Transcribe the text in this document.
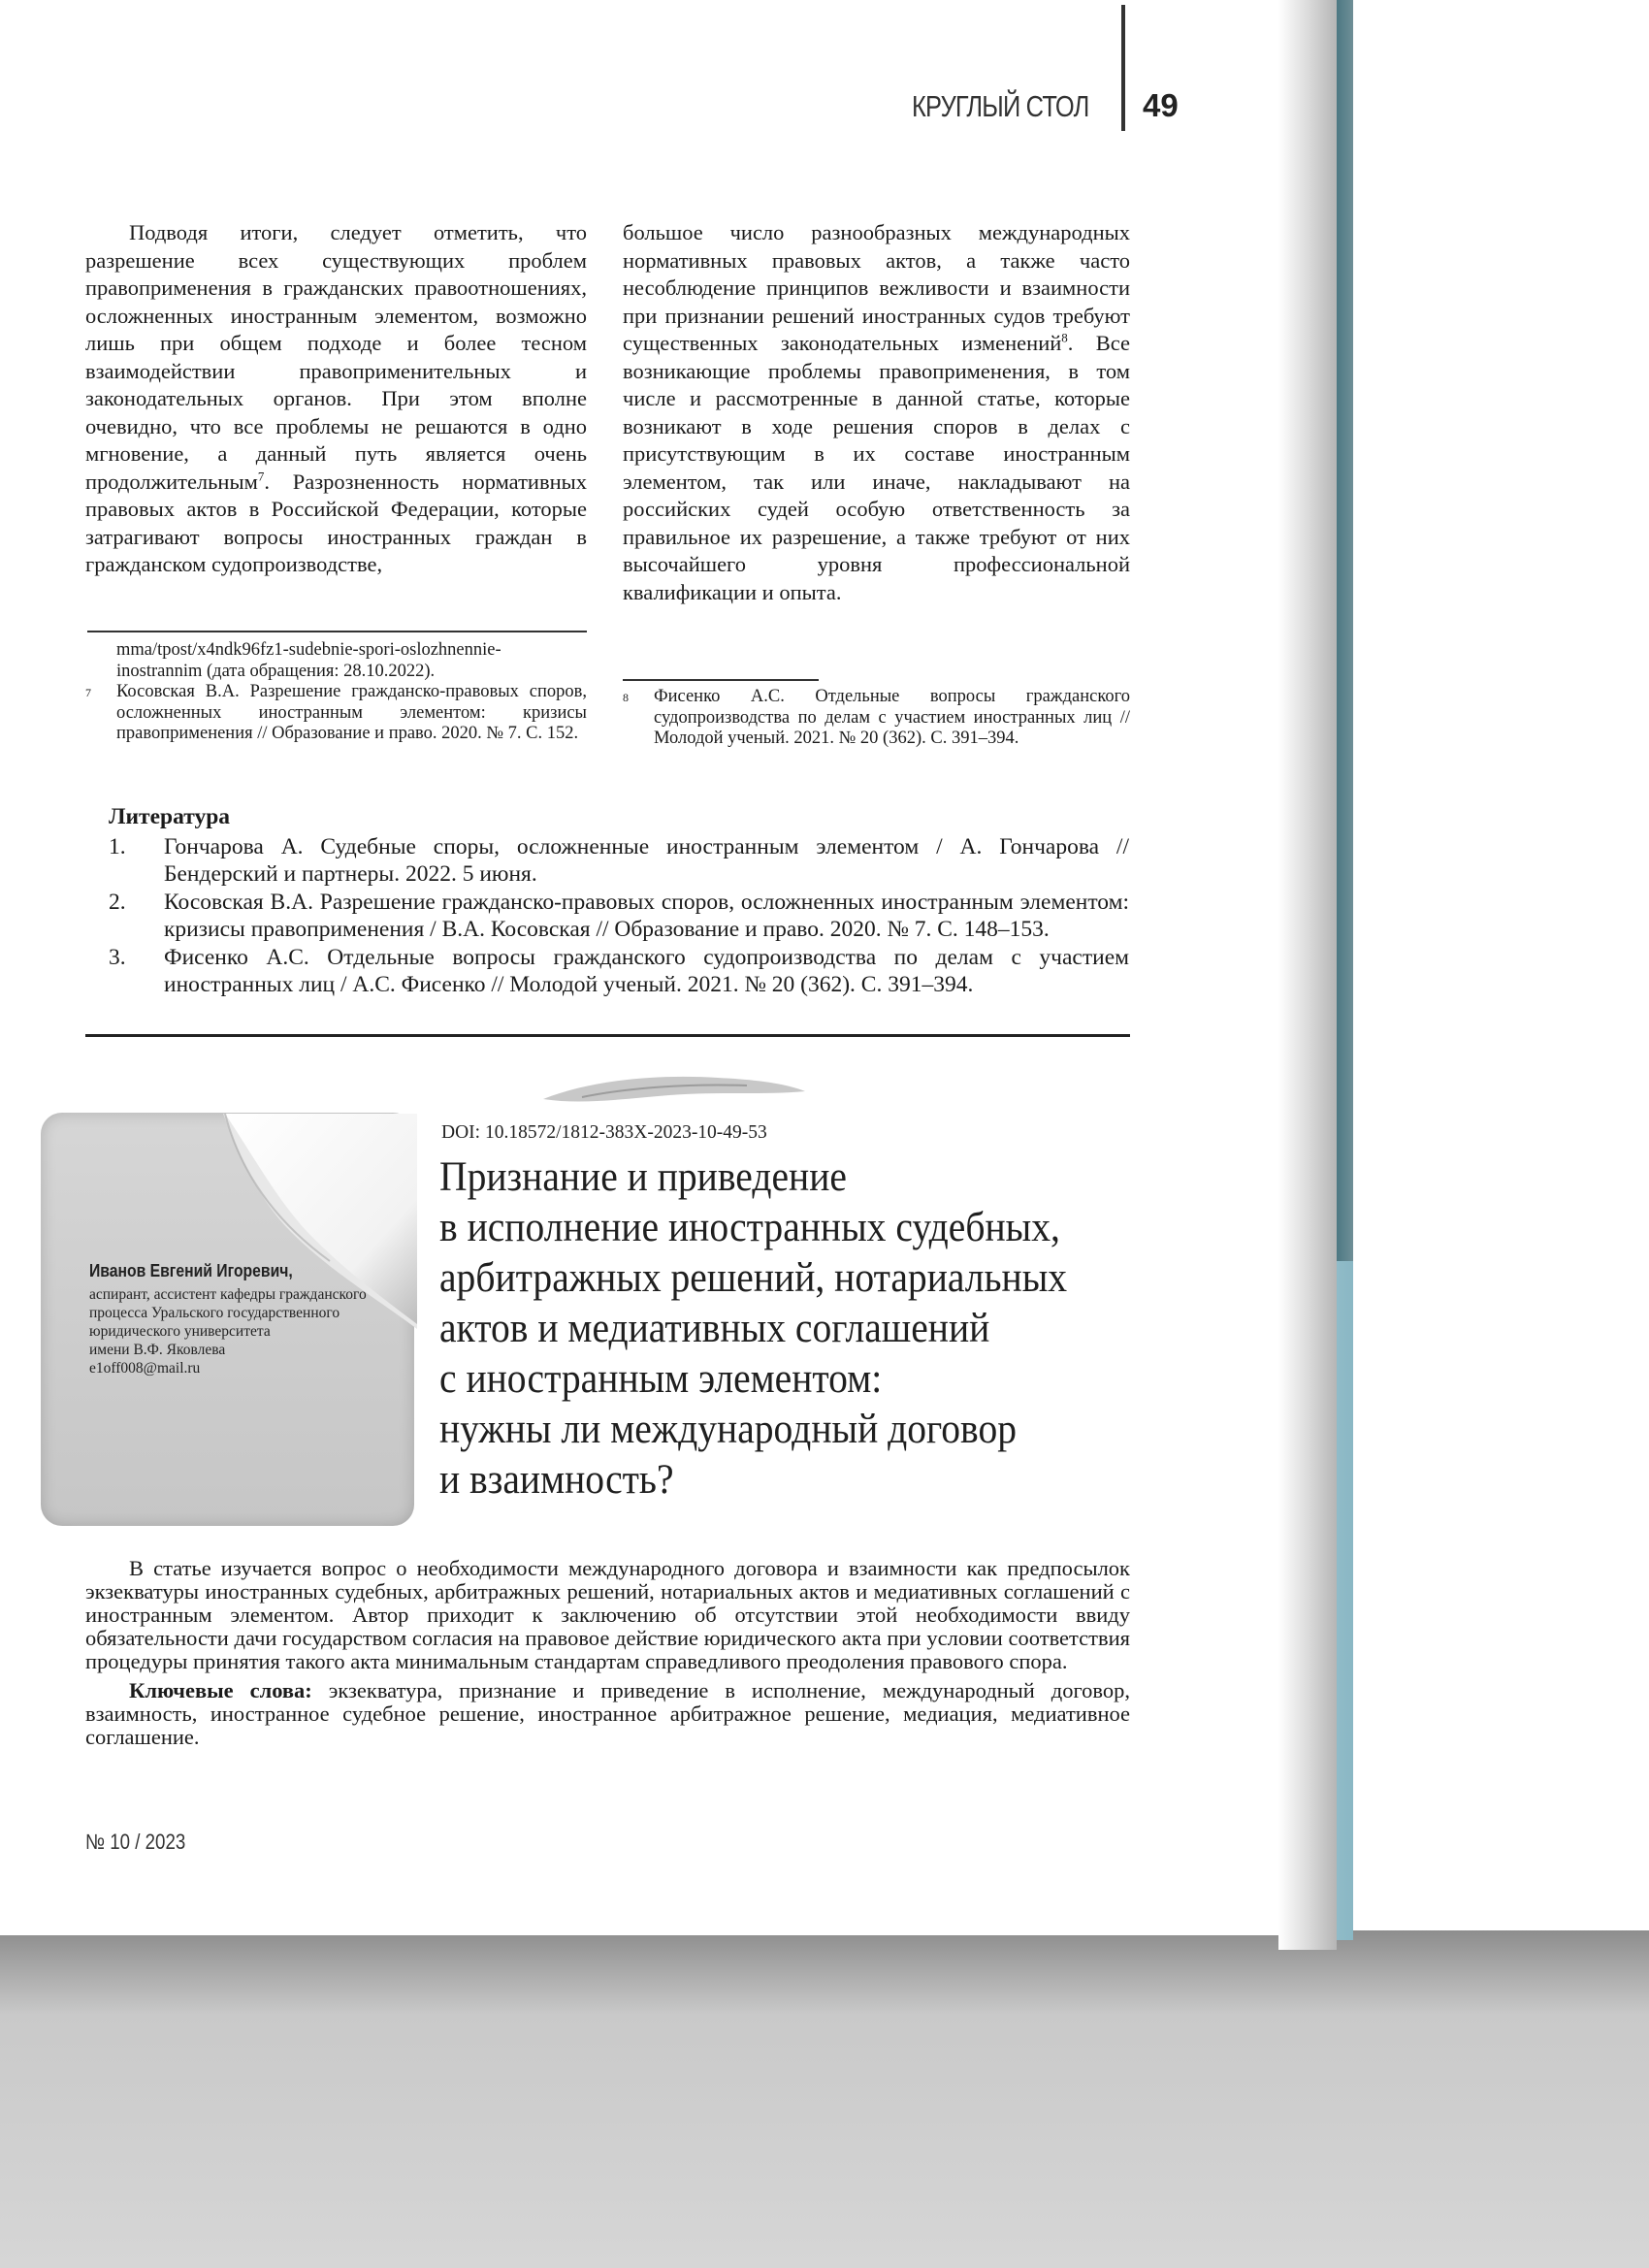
КРУГЛЫЙ СТОЛ 49

Подводя итоги, следует отметить, что разрешение всех существующих проблем правоприменения в гражданских правоотношениях, осложненных иностранным элементом, возможно лишь при общем подходе и более тесном взаимодействии правоприменительных и законодательных органов. При этом вполне очевидно, что все проблемы не решаются в одно мгновение, а данный путь является очень продолжительным$^7$. Разрозненность нормативных правовых актов в Российской Федерации, которые затрагивают вопросы иностранных граждан в гражданском судопроизводстве,

большое число разнообразных международных нормативных правовых актов, а также часто несоблюдение принципов вежливости и взаимности при признании решений иностранных судов требуют существенных законодательных изменений$^8$. Все возникающие проблемы правоприменения, в том числе и рассмотренные в данной статье, которые возникают в ходе решения споров в делах с присутствующим в их составе иностранным элементом, так или иначе, накладывают на российских судей особую ответственность за правильное их разрешение, а также требуют от них высочайшего уровня профессиональной квалификации и опыта.

mma/tpost/x4ndk96fz1-sudebnie-spori-oslozhnennie-inostrannim (дата обращения: 28.10.2022).
7	Косовская В.А. Разрешение гражданско-правовых споров, осложненных иностранным элементом: кризисы правоприменения // Образование и право. 2020. № 7. С. 152.
8	Фисенко А.С. Отдельные вопросы гражданского судопроизводства по делам с участием иностранных лиц // Молодой ученый. 2021. № 20 (362). С. 391–394.
Литература
1.	Гончарова А. Судебные споры, осложненные иностранным элементом / А. Гончарова // Бендерский и партнеры. 2022. 5 июня.
2.	Косовская В.А. Разрешение гражданско-правовых споров, осложненных иностранным элементом: кризисы правоприменения / В.А. Косовская // Образование и право. 2020. № 7. С. 148–153.
3.	Фисенко А.С. Отдельные вопросы гражданского судопроизводства по делам с участием иностранных лиц / А.С. Фисенко // Молодой ученый. 2021. № 20 (362). С. 391–394.
Иванов Евгений Игоревич,
аспирант, ассистент кафедры гражданского
процесса Уральского государственного
юридического университета
имени В.Ф. Яковлева
e1off008@mail.ru
DOI: 10.18572/1812-383X-2023-10-49-53
Признание и приведение
в исполнение иностранных судебных,
арбитражных решений, нотариальных
актов и медиативных соглашений
с иностранным элементом:
нужны ли международный договор
и взаимность?

В статье изучается вопрос о необходимости международного договора и взаимности как предпосылок экзекватуры иностранных судебных, арбитражных решений, нотариальных актов и медиативных соглашений с иностранным элементом. Автор приходит к заключению об отсутствии этой необходимости ввиду обязательности дачи государством согласия на правовое действие юридического акта при условии соответствия процедуры принятия такого акта минимальным стандартам справедливого преодоления правового спора.

Ключевые слова: экзекватура, признание и приведение в исполнение, международный договор, взаимность, иностранное судебное решение, иностранное арбитражное решение, медиация, медиативное соглашение.

№ 10 / 2023
